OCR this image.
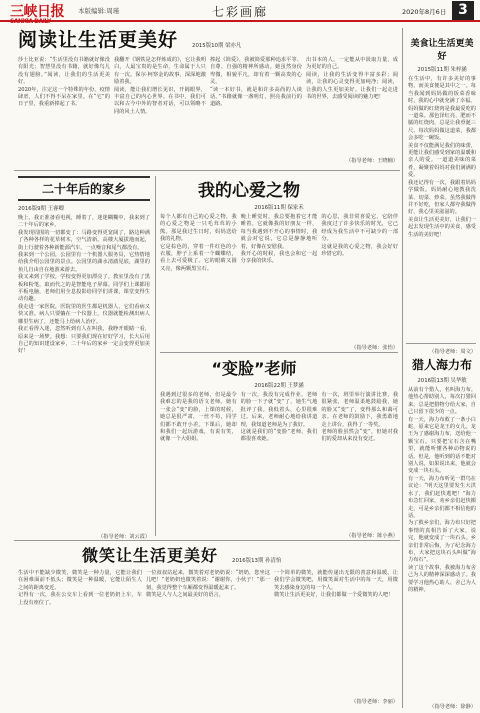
三峡日报
SANXIA DAILY
本版编辑:周瑾	七彩画廊	2020年8月6日 3
阅读让生活更美好	2015版10期 梁亦凡
莎士比亚说：“生活里没有书籍就好像没有阳光；智慧里没有书籍，就好像鸟儿没有翅膀。”阅读，让我们的生活更美好。
2020年，注定这一个特殊的年份。疫情肆虐，人们不得不呆在家里。在“宅”的日子里，我重新捧起了书。
我翻开《钢铁是怎样炼成的》，它让我明白，人最宝贵的是生命，生命属于人只有一次。保尔·柯察金的故事，深深地激励着我。
阅读，能让我们增长见识，开阔眼界，丰富自己的内心世界。在书中，我们可以和古今中外的智者对话，可以领略不同的风土人情。
捧起《简爱》，我被简爱那种追求平等、自尊、自强的精神所感动。她虽然身份卑微，相貌平凡，却有着一颗高贵的心灵。
“读一本好书，就是和许多高尚的人谈话。”书籍就像一盏明灯，照亮我前行的道路。
出书本的人，一定能从中汲取力量，成为更好的自己。
阅读，让我的生活变得丰富多彩；阅读，让我的心灵变得更加纯净；阅读，让我的人生更加美好。让我们一起走进书的世界，去感受阅读的魅力吧！
（指导老师：王晓楠）
美食让生活更美好
2015版11期 朱梓涵
在生活中，有许多美好的事物，而美食便是其中之一。每当我闻到妈妈做的饭菜香味时，我的心中就充满了幸福。
妈妈做的红烧肉是我最爱吃的一道菜。那色泽红亮、肥而不腻的红烧肉，总是让我垂涎三尺。每次妈妈做这道菜，我都会多吃一碗饭。
美食不仅能满足我们的味蕾，更能让我们感受到家的温暖和亲人的爱。一道道美味的菜肴，凝聚着妈妈对我们满满的爱。
我还记得有一次，我跟着妈妈学做饭。妈妈耐心地教我洗菜、切菜、炒菜。虽然我做得并不好吃，但家人都夸我做得好，我心里美滋滋的。
美食让生活更美好，让我们一起去发现生活中的美食，感受生活的美好吧！
（指导老师：周文）
二十年后的家乡
2016版9期 王睿卿
晚上，我正准备看电视，睡着了，迷迷糊糊中，我来到了二十年后的家乡。
我发现周围的一切都变了：马路变得更宽阔了，路边种满了各种各样的花草树木，空气清新。高楼大厦拔地而起，街上行驶着各种新能源汽车，一点噪音和尾气都没有。
我来到一个公园，公园里有一个机器人服务员，它热情地给我介绍公园里的景点。公园里的湖水清澈见底，湖里的鱼儿自由自在地游来游去。
我又来到了学校，学校变得更加漂亮了。教室里没有了黑板和粉笔，取而代之的是智能电子屏幕。同学们上课都用平板电脑，老师们用全息投影给同学们讲课，课堂变得生动有趣。
我走进一家医院，医院里的医生都是机器人，它们看病又快又准。病人只要躺在一个仪器上，仪器就能检测出病人哪里生病了，还能马上给病人治疗。
我正看得入迷，忽然听到有人在叫我，我睁开眼睛一看，原来是一场梦。我想：只要我们现在好好学习，长大后用自己的知识建设家乡，二十年后的家乡一定会变得更加美好！
（指导老师：刘云霞）
我的心爱之物
2016版11期 保家禾
每个人都有自己的心爱之物，我的心爱之物是一只毛茸茸的小熊。那是我过生日时，妈妈送给我的礼物。
它是棕色的，穿着一件红色的小衣服，脖子上系着一个蝴蝶结，看上去可爱极了。它的眼睛又圆又亮，像两颗黑宝石。
晚上睡觉时，我总要抱着它才能睡着。它就像我的好朋友一样，每当我遇到不开心的事情时，我就会对它说，它总是静静地听着，好像在安慰我。
我开心的时候，我也会和它一起分享我的快乐。
的心思，我非常喜爱它，它陪伴我度过了许多快乐的时光，它已经成为我生活中不可缺少的一部分。
这就是我的心爱之物，我会好好珍惜它的。
（指导老师：张怡）
“变脸”老师
2016版22期 王梦涵
我遇到过很多的老师，但是最令我难忘的是我的语文老师。她有一张会“变”的脸，上课的时候，她总是很严肃，一丝不苟，同学们都不敢开小差。下课后，她却和我们一起玩游戏，有说有笑，就像一个大姐姐。
有一次，我没有完成作业，老师的脸一下子就“变”了，她生气地批评了我。我低着头，心里很难过。后来，老师耐心地给我讲道理，我知道老师是为了我好。
这就是我们的“变脸”老师，我们都很喜欢她。
有一次，班里举行演讲比赛，我很紧张，老师温柔地鼓励我，她的脸又“变”了，变得那么和蔼可亲。在老师的鼓励下，我勇敢地走上讲台，获得了一等奖。
老师的脸虽然会“变”，但她对我们的爱却从来没有变过。
（指导老师：陈小燕）
微笑让生活更美好	2016版13期 孙清怡
生活中不能缺少微笑，微笑是一种力量，它能让我们在困难面前不低头；微笑是一种温暖，它能让陌生人之间的距离变近。
记得有一次，我在公交车上看到一位老奶奶上车，车上没有座位了。
一位叔叔站起来，微笑着对老奶奶说：“奶奶，您坐这儿吧！”老奶奶也微笑着说：“谢谢你，小伙子！”那一刻，我觉得整个车厢都变得温暖起来了。
微笑是人与人之间最美好的语言。
一个简单的微笑，就能传递出无限的善意和温暖。让我们学会微笑吧，用微笑面对生活中的每一天，用微笑去感染身边的每一个人。
微笑让生活更美好，让我们都做一个爱微笑的人吧！
（指导老师：李丽）
猎人海力布
2016版13期 吴华敏
从前有个猎人，名叫海力布。他热心帮助别人，每次打猎回来，总是把猎物分给大家，自己只留下很少的一点。
有一天，海力布救了一条小白蛇，原来它是龙王的女儿。龙王为了感谢海力布，送给他一颗宝石。只要把宝石含在嘴里，就能听懂各种动物说的话。但是，他听到的话不能对别人说，如果说出来，他就会变成一块石头。
有一天，海力布听见一群鸟在议论：“明天这里要发生大洪水了，我们赶快逃吧！”海力布急忙回家，劝乡亲们赶快搬走，可是乡亲们都不相信他的话。
为了救乡亲们，海力布只好把事情的真相告诉了大家，说完，他就变成了一块石头。乡亲们非常后悔，为了纪念海力布，大家把这块石头叫做“海力布石”。
读了这个故事，我被海力布舍己为人的精神深深感动了。我要学习他热心助人、舍己为人的精神。
（指导老师：徐静）
